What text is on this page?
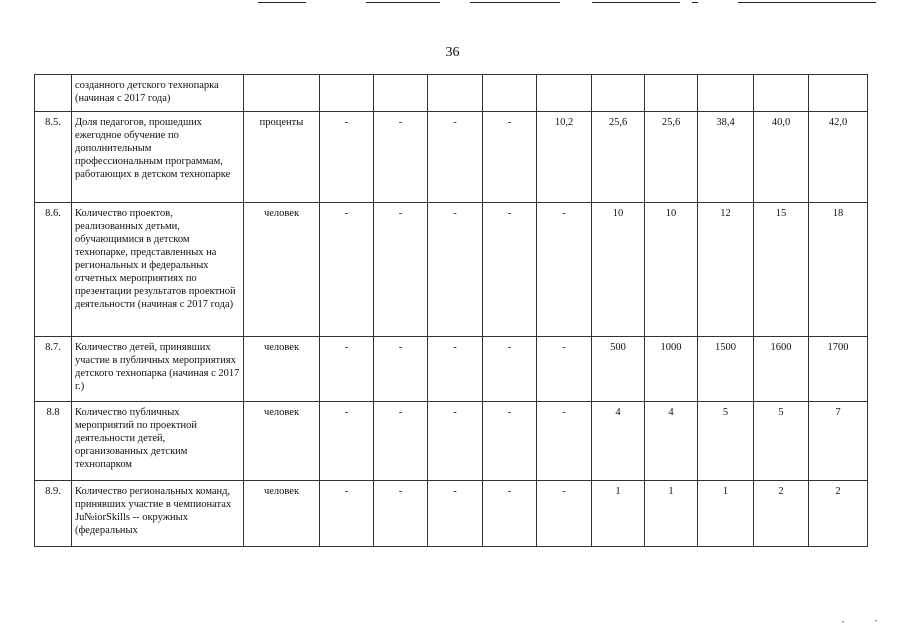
36
	созданного детского технопарка (начиная с 2017 года)											
8.5.	Доля педагогов, прошедших ежегодное обучение по дополнительным профессиональным программам, работающих в детском технопарке	проценты	-	-	-	-	10,2	25,6	25,6	38,4	40,0	42,0
8.6.	Количество проектов, реализованных детьми, обучающимися в детском технопарке, представленных на региональных и федеральных отчетных мероприятиях по презентации результатов проектной деятельности (начиная с 2017 года)	человек	-	-	-	-	-	10	10	12	15	18
8.7.	Количество детей, принявших участие в публичных мероприятиях детского технопарка (начиная с 2017 г.)	человек	-	-	-	-	-	500	1000	1500	1600	1700
8.8	Количество публичных мероприятий по проектной деятельности детей, организованных детским технопарком	человек	-	-	-	-	-	4	4	5	5	7
8.9.	Количество региональных команд, принявших участие в чемпионатах Ju№iorSkills -- окружных (федеральных	человек	-	-	-	-	-	1	1	1	2	2
•	•
